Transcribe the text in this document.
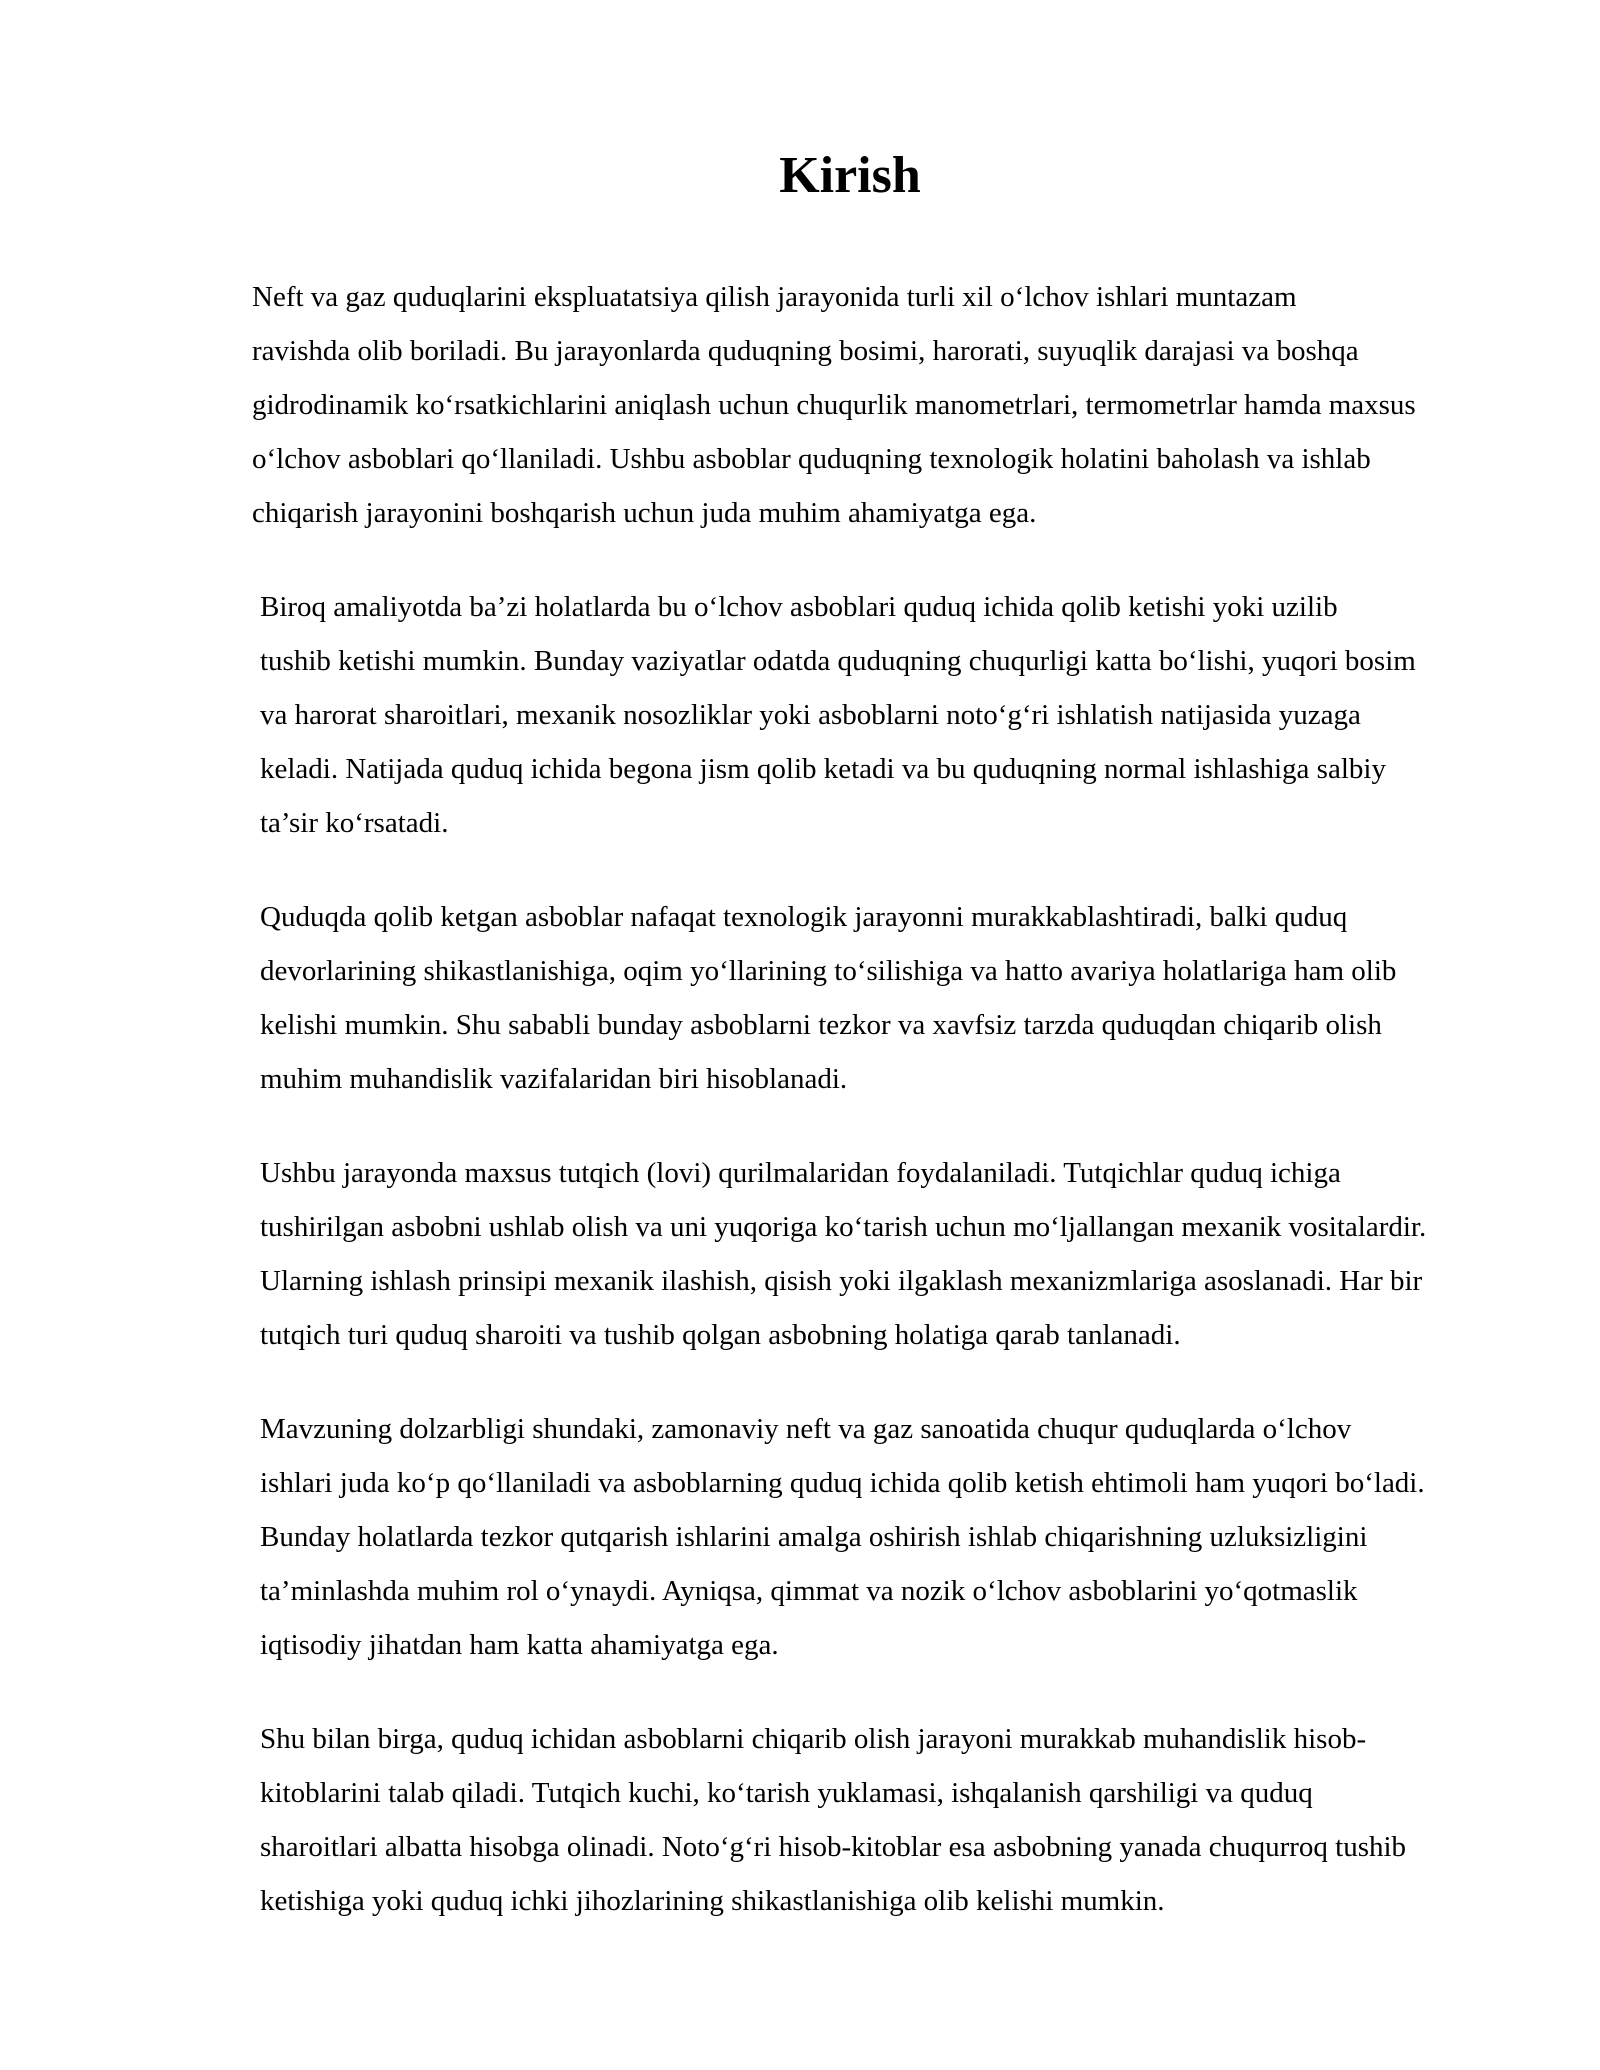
Kirish

Neft va gaz quduqlarini ekspluatatsiya qilish jarayonida turli xil o‘lchov ishlari muntazam
ravishda olib boriladi. Bu jarayonlarda quduqning bosimi, harorati, suyuqlik darajasi va boshqa
gidrodinamik ko‘rsatkichlarini aniqlash uchun chuqurlik manometrlari, termometrlar hamda maxsus
o‘lchov asboblari qo‘llaniladi. Ushbu asboblar quduqning texnologik holatini baholash va ishlab
chiqarish jarayonini boshqarish uchun juda muhim ahamiyatga ega.

Biroq amaliyotda ba’zi holatlarda bu o‘lchov asboblari quduq ichida qolib ketishi yoki uzilib
tushib ketishi mumkin. Bunday vaziyatlar odatda quduqning chuqurligi katta bo‘lishi, yuqori bosim
va harorat sharoitlari, mexanik nosozliklar yoki asboblarni noto‘g‘ri ishlatish natijasida yuzaga
keladi. Natijada quduq ichida begona jism qolib ketadi va bu quduqning normal ishlashiga salbiy
ta’sir ko‘rsatadi.

Quduqda qolib ketgan asboblar nafaqat texnologik jarayonni murakkablashtiradi, balki quduq
devorlarining shikastlanishiga, oqim yo‘llarining to‘silishiga va hatto avariya holatlariga ham olib
kelishi mumkin. Shu sababli bunday asboblarni tezkor va xavfsiz tarzda quduqdan chiqarib olish
muhim muhandislik vazifalaridan biri hisoblanadi.

Ushbu jarayonda maxsus tutqich (lovi) qurilmalaridan foydalaniladi. Tutqichlar quduq ichiga
tushirilgan asbobni ushlab olish va uni yuqoriga ko‘tarish uchun mo‘ljallangan mexanik vositalardir.
Ularning ishlash prinsipi mexanik ilashish, qisish yoki ilgaklash mexanizmlariga asoslanadi. Har bir
tutqich turi quduq sharoiti va tushib qolgan asbobning holatiga qarab tanlanadi.

Mavzuning dolzarbligi shundaki, zamonaviy neft va gaz sanoatida chuqur quduqlarda o‘lchov
ishlari juda ko‘p qo‘llaniladi va asboblarning quduq ichida qolib ketish ehtimoli ham yuqori bo‘ladi.
Bunday holatlarda tezkor qutqarish ishlarini amalga oshirish ishlab chiqarishning uzluksizligini
ta’minlashda muhim rol o‘ynaydi. Ayniqsa, qimmat va nozik o‘lchov asboblarini yo‘qotmaslik
iqtisodiy jihatdan ham katta ahamiyatga ega.

Shu bilan birga, quduq ichidan asboblarni chiqarib olish jarayoni murakkab muhandislik hisob-
kitoblarini talab qiladi. Tutqich kuchi, ko‘tarish yuklamasi, ishqalanish qarshiligi va quduq
sharoitlari albatta hisobga olinadi. Noto‘g‘ri hisob-kitoblar esa asbobning yanada chuqurroq tushib
ketishiga yoki quduq ichki jihozlarining shikastlanishiga olib kelishi mumkin.
